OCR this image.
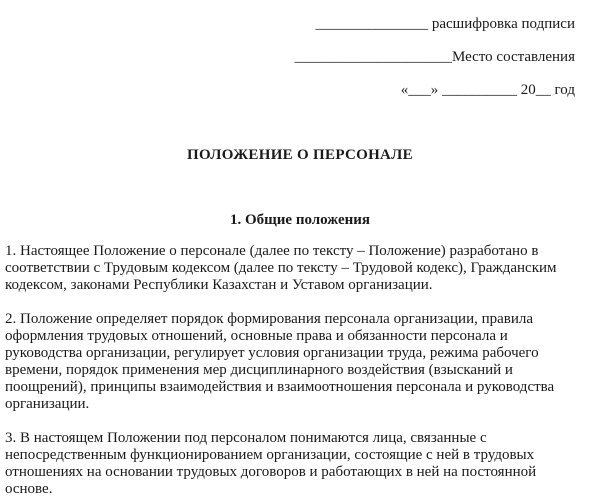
_______________ расшифровка подписи
_____________________Место составления
«___» __________ 20__ год
ПОЛОЖЕНИЕ О ПЕРСОНАЛЕ
1. Общие положения
1. Настоящее Положение о персонале (далее по тексту – Положение) разработано в
соответствии с Трудовым кодексом (далее по тексту – Трудовой кодекс), Гражданским
кодексом, законами Республики Казахстан и Уставом организации.
2. Положение определяет порядок формирования персонала организации, правила
оформления трудовых отношений, основные права и обязанности персонала и
руководства организации, регулирует условия организации труда, режима рабочего
времени, порядок применения мер дисциплинарного воздействия (взысканий и
поощрений), принципы взаимодействия и взаимоотношения персонала и руководства
организации.
3. В настоящем Положении под персоналом понимаются лица, связанные с
непосредственным функционированием организации, состоящие с ней в трудовых
отношениях на основании трудовых договоров и работающих в ней на постоянной
основе.
